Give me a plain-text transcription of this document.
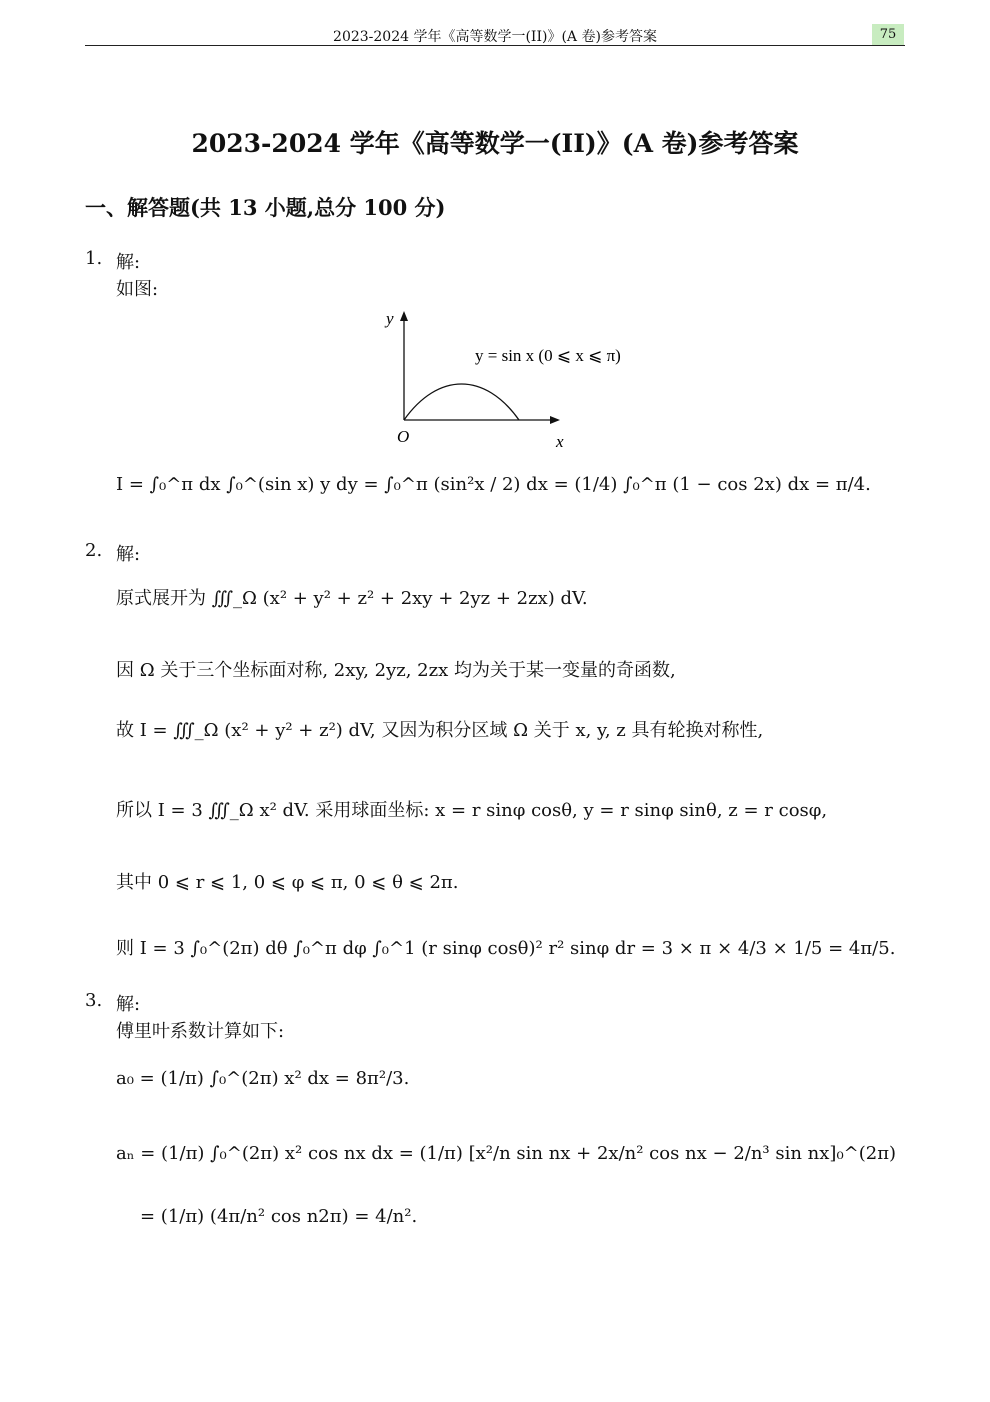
2023-2024 学年《高等数学一(II)》(A 卷)参考答案	75
2023-2024 学年《高等数学一(II)》(A 卷)参考答案
一、解答题(共 13 小题,总分 100 分)
1. 解:
如图:
y
x
O
y = sin x (0 ⩽ x ⩽ π)
I = ∫₀^π dx ∫₀^(sin x) y dy = ∫₀^π (sin²x / 2) dx = (1/4) ∫₀^π (1 − cos 2x) dx = π/4.
2. 解:
原式展开为 ∭_Ω (x² + y² + z² + 2xy + 2yz + 2zx) dV.
因 Ω 关于三个坐标面对称, 2xy, 2yz, 2zx 均为关于某一变量的奇函数,
故 I = ∭_Ω (x² + y² + z²) dV, 又因为积分区域 Ω 关于 x, y, z 具有轮换对称性,
所以 I = 3 ∭_Ω x² dV. 采用球面坐标: x = r sinφ cosθ, y = r sinφ sinθ, z = r cosφ,
其中 0 ⩽ r ⩽ 1, 0 ⩽ φ ⩽ π, 0 ⩽ θ ⩽ 2π.
则 I = 3 ∫₀^(2π) dθ ∫₀^π dφ ∫₀^1 (r sinφ cosθ)² r² sinφ dr = 3 × π × 4/3 × 1/5 = 4π/5.
3. 解:
傅里叶系数计算如下:
a₀ = (1/π) ∫₀^(2π) x² dx = 8π²/3.
aₙ = (1/π) ∫₀^(2π) x² cos nx dx = (1/π) [x²/n sin nx + 2x/n² cos nx − 2/n³ sin nx]₀^(2π)
= (1/π) (4π/n² cos n2π) = 4/n².
